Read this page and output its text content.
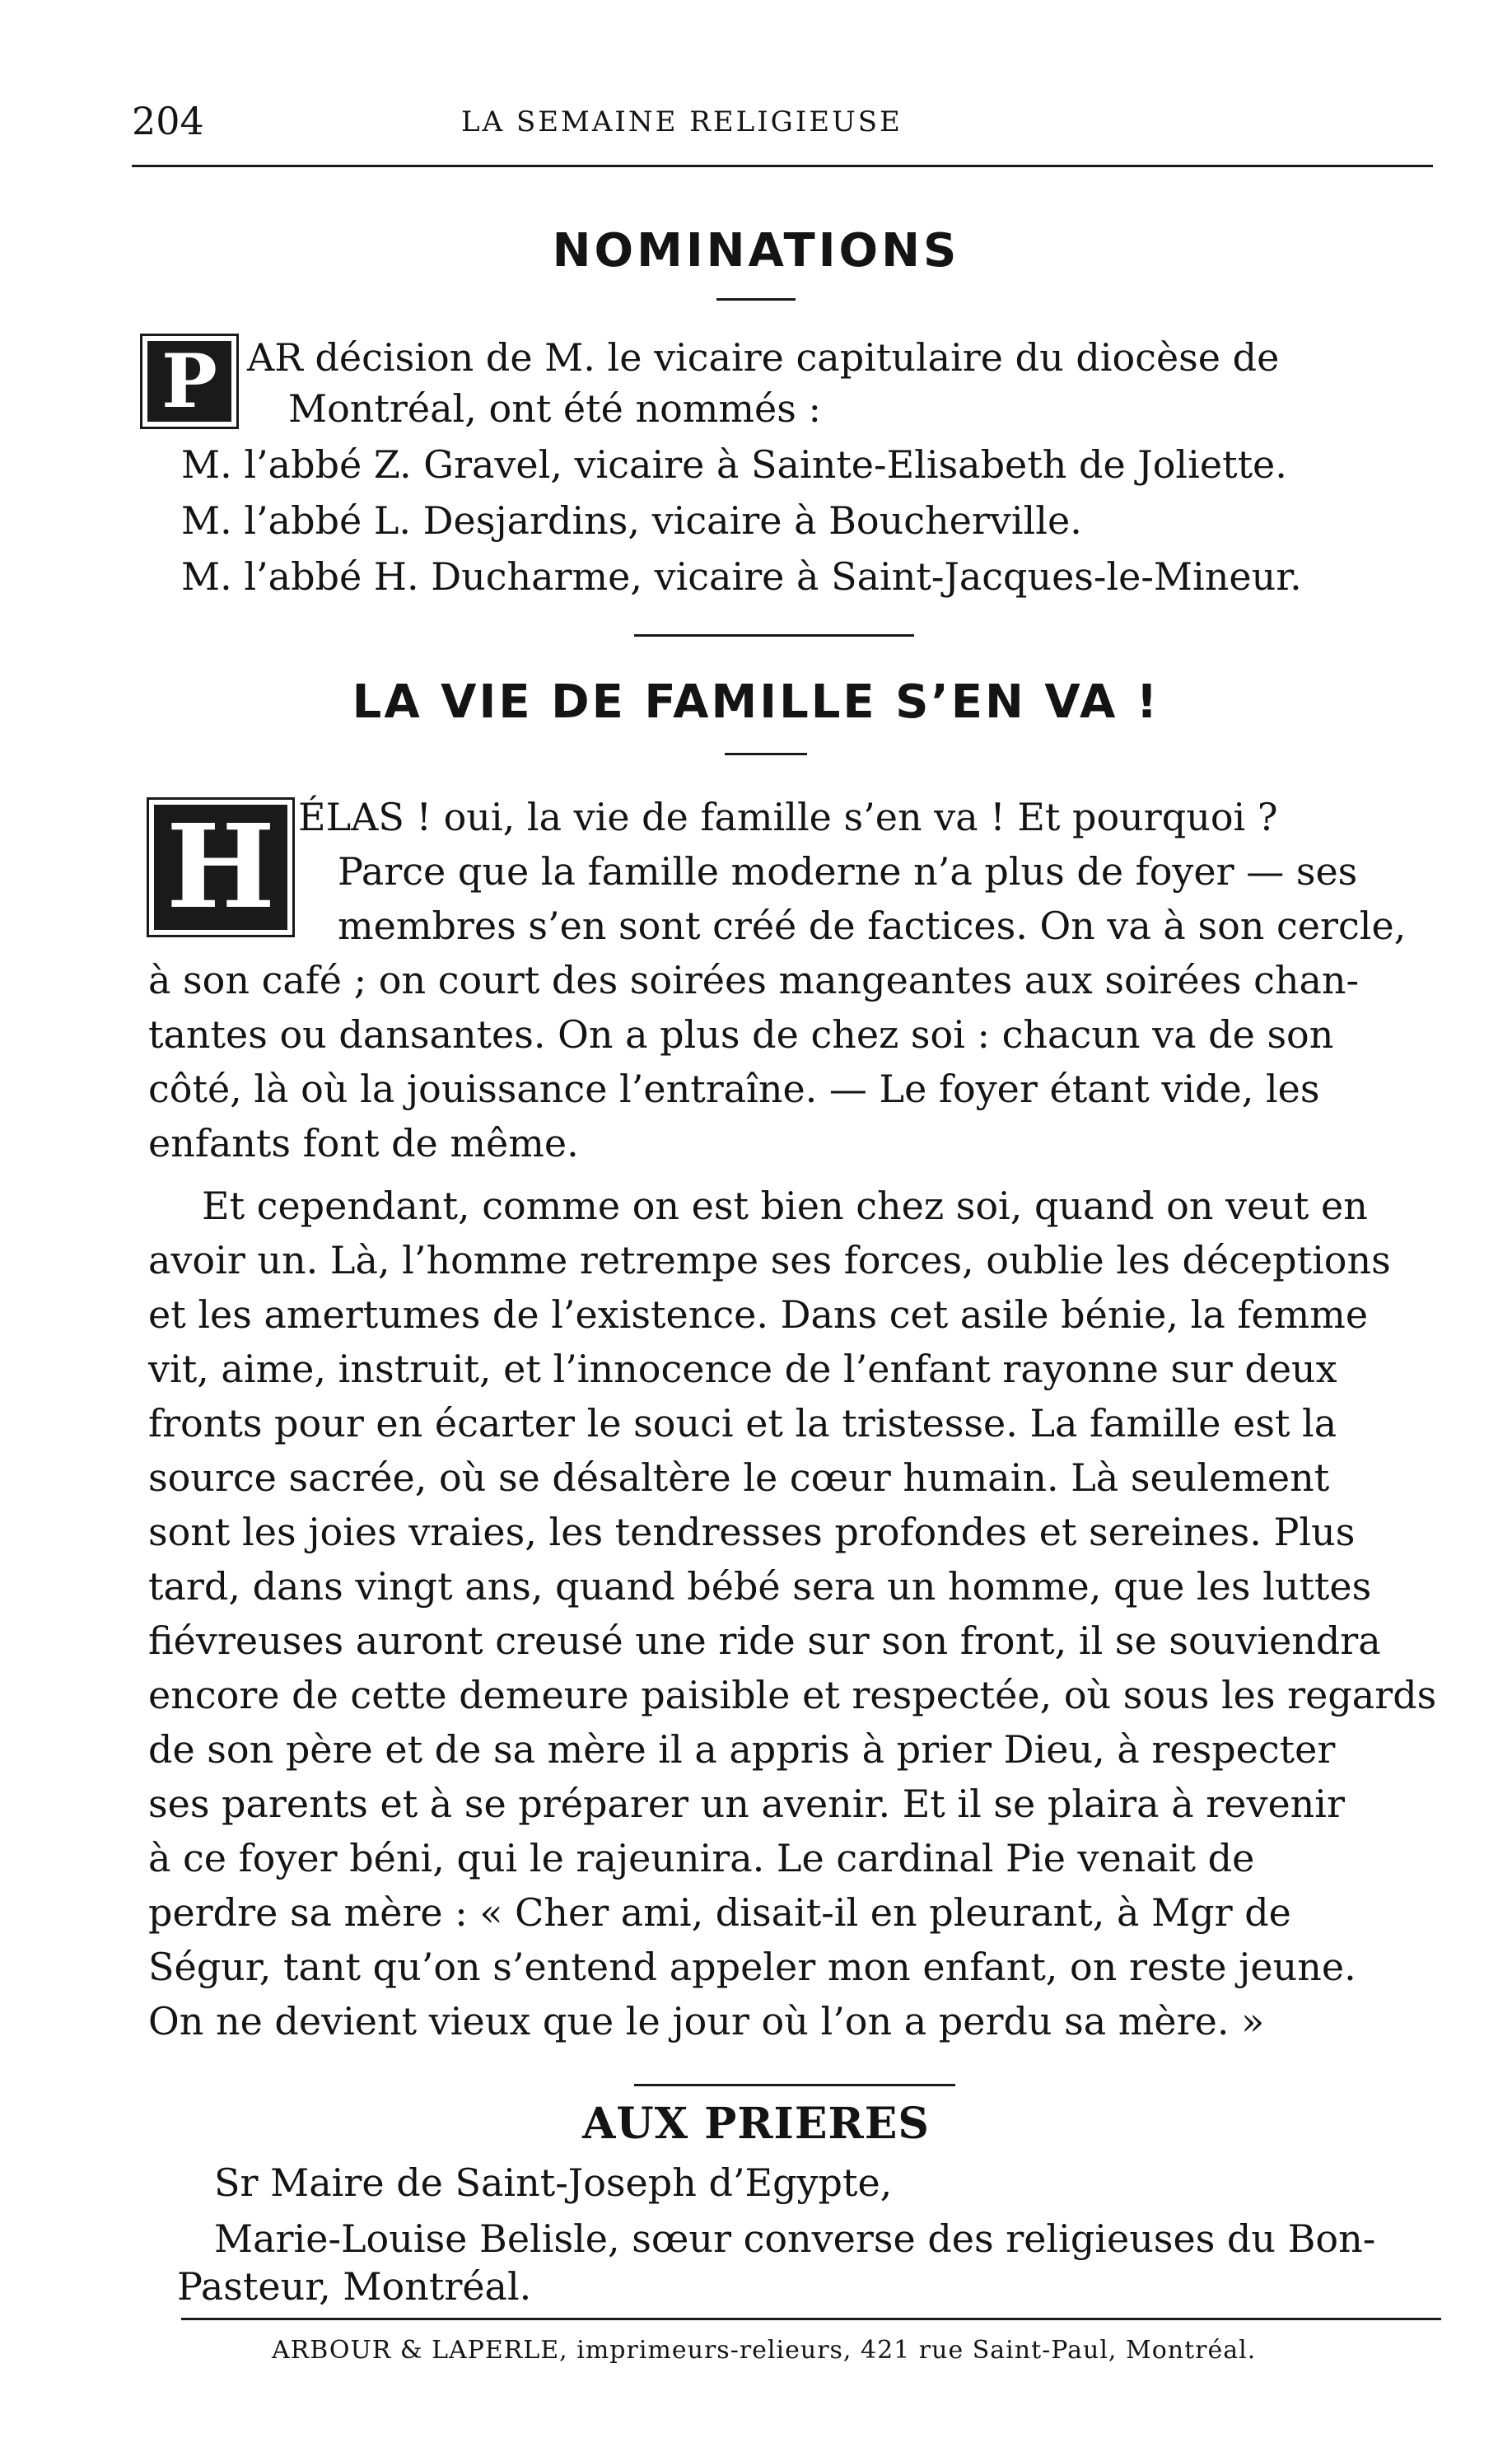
204	LA SEMAINE RELIGIEUSE
NOMINATIONS
P AR décision de M. le vicaire capitulaire du diocèse de
Montréal, ont été nommés :
M. l’abbé Z. Gravel, vicaire à Sainte-Elisabeth de Joliette.
M. l’abbé L. Desjardins, vicaire à Boucherville.
M. l’abbé H. Ducharme, vicaire à Saint-Jacques-le-Mineur.
LA VIE DE FAMILLE S’EN VA !
H ÉLAS ! oui, la vie de famille s’en va ! Et pourquoi ?
Parce que la famille moderne n’a plus de foyer — ses
membres s’en sont créé de factices. On va à son cercle,
à son café ; on court des soirées mangeantes aux soirées chan-
tantes ou dansantes. On a plus de chez soi : chacun va de son
côté, là où la jouissance l’entraîne. — Le foyer étant vide, les
enfants font de même.
Et cependant, comme on est bien chez soi, quand on veut en
avoir un. Là, l’homme retrempe ses forces, oublie les déceptions
et les amertumes de l’existence. Dans cet asile bénie, la femme
vit, aime, instruit, et l’innocence de l’enfant rayonne sur deux
fronts pour en écarter le souci et la tristesse. La famille est la
source sacrée, où se désaltère le cœur humain. Là seulement
sont les joies vraies, les tendresses profondes et sereines. Plus
tard, dans vingt ans, quand bébé sera un homme, que les luttes
fiévreuses auront creusé une ride sur son front, il se souviendra
encore de cette demeure paisible et respectée, où sous les regards
de son père et de sa mère il a appris à prier Dieu, à respecter
ses parents et à se préparer un avenir. Et il se plaira à revenir
à ce foyer béni, qui le rajeunira. Le cardinal Pie venait de
perdre sa mère : « Cher ami, disait-il en pleurant, à Mgr de
Ségur, tant qu’on s’entend appeler mon enfant, on reste jeune.
On ne devient vieux que le jour où l’on a perdu sa mère. »
AUX PRIERES
Sr Maire de Saint-Joseph d’Egypte,
Marie-Louise Belisle, sœur converse des religieuses du Bon-
Pasteur, Montréal.
ARBOUR & LAPERLE, imprimeurs-relieurs, 421 rue Saint-Paul, Montréal.
